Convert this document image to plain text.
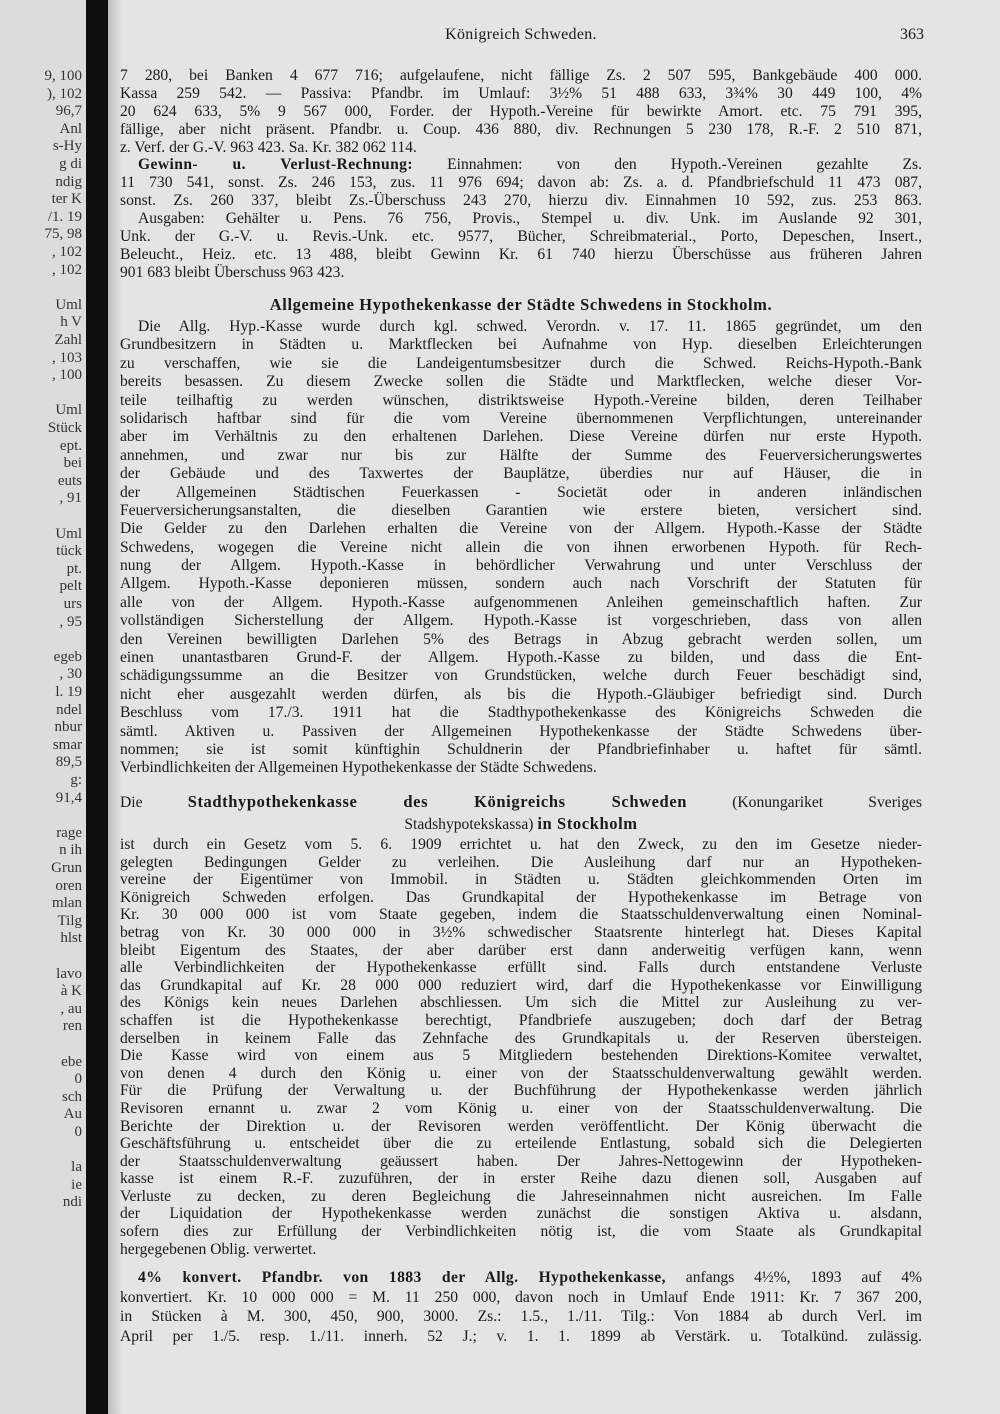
9, 100
), 102
96,7
Anl
s-Hy
g di
ndig
ter K
/1. 19
75, 98
, 102
, 102
Uml
h V
Zahl
, 103
, 100
Uml
Stück
ept.
bei
euts
, 91
Uml
tück
pt.
pelt
urs
, 95
egeb
, 30
l. 19
ndel
nbur
smar
89,5
g:
91,4
rage
n ih
Grun
oren
mlan
Tilg
hlst
lavo
à K
, au
ren
ebe
0
sch
Au
0
la
ie
ndi
Königreich Schweden.	363
7 280, bei Banken 4 677 716; aufgelaufene, nicht fällige Zs. 2 507 595, Bankgebäude 400 000.
Kassa 259 542. — Passiva: Pfandbr. im Umlauf: 3½% 51 488 633, 3¾% 30 449 100, 4%
20 624 633, 5% 9 567 000, Forder. der Hypoth.-Vereine für bewirkte Amort. etc. 75 791 395,
fällige, aber nicht präsent. Pfandbr. u. Coup. 436 880, div. Rechnungen 5 230 178, R.-F. 2 510 871,
z. Verf. der G.-V. 963 423. Sa. Kr. 382 062 114.
Gewinn- u. Verlust-Rechnung: Einnahmen: von den Hypoth.-Vereinen gezahlte Zs.
11 730 541, sonst. Zs. 246 153, zus. 11 976 694; davon ab: Zs. a. d. Pfandbriefschuld 11 473 087,
sonst. Zs. 260 337, bleibt Zs.-Überschuss 243 270, hierzu div. Einnahmen 10 592, zus. 253 863.
Ausgaben: Gehälter u. Pens. 76 756, Provis., Stempel u. div. Unk. im Auslande 92 301,
Unk. der G.-V. u. Revis.-Unk. etc. 9577, Bücher, Schreibmaterial., Porto, Depeschen, Insert.,
Beleucht., Heiz. etc. 13 488, bleibt Gewinn Kr. 61 740 hierzu Überschüsse aus früheren Jahren
901 683 bleibt Überschuss 963 423.
Allgemeine Hypothekenkasse der Städte Schwedens in Stockholm.
Die Allg. Hyp.-Kasse wurde durch kgl. schwed. Verordn. v. 17. 11. 1865 gegründet, um den
Grundbesitzern in Städten u. Marktflecken bei Aufnahme von Hyp. dieselben Erleichterungen
zu verschaffen, wie sie die Landeigentumsbesitzer durch die Schwed. Reichs-Hypoth.-Bank
bereits besassen. Zu diesem Zwecke sollen die Städte und Marktflecken, welche dieser Vor-
teile teilhaftig zu werden wünschen, distriktsweise Hypoth.-Vereine bilden, deren Teilhaber
solidarisch haftbar sind für die vom Vereine übernommenen Verpflichtungen, untereinander
aber im Verhältnis zu den erhaltenen Darlehen. Diese Vereine dürfen nur erste Hypoth.
annehmen, und zwar nur bis zur Hälfte der Summe des Feuerversicherungswertes
der Gebäude und des Taxwertes der Bauplätze, überdies nur auf Häuser, die in
der Allgemeinen Städtischen Feuerkassen - Societät oder in anderen inländischen
Feuerversicherungsanstalten, die dieselben Garantien wie erstere bieten, versichert sind.
Die Gelder zu den Darlehen erhalten die Vereine von der Allgem. Hypoth.-Kasse der Städte
Schwedens, wogegen die Vereine nicht allein die von ihnen erworbenen Hypoth. für Rech-
nung der Allgem. Hypoth.-Kasse in behördlicher Verwahrung und unter Verschluss der
Allgem. Hypoth.-Kasse deponieren müssen, sondern auch nach Vorschrift der Statuten für
alle von der Allgem. Hypoth.-Kasse aufgenommenen Anleihen gemeinschaftlich haften. Zur
vollständigen Sicherstellung der Allgem. Hypoth.-Kasse ist vorgeschrieben, dass von allen
den Vereinen bewilligten Darlehen 5% des Betrags in Abzug gebracht werden sollen, um
einen unantastbaren Grund-F. der Allgem. Hypoth.-Kasse zu bilden, und dass die Ent-
schädigungssumme an die Besitzer von Grundstücken, welche durch Feuer beschädigt sind,
nicht eher ausgezahlt werden dürfen, als bis die Hypoth.-Gläubiger befriedigt sind. Durch
Beschluss vom 17./3. 1911 hat die Stadthypothekenkasse des Königreichs Schweden die
sämtl. Aktiven u. Passiven der Allgemeinen Hypothekenkasse der Städte Schwedens über-
nommen; sie ist somit künftighin Schuldnerin der Pfandbriefinhaber u. haftet für sämtl.
Verbindlichkeiten der Allgemeinen Hypothekenkasse der Städte Schwedens.
Die	Stadthypothekenkasse des Königreichs Schweden	(Konungariket Sveriges
Stadshypotekskassa) in Stockholm
ist durch ein Gesetz vom 5. 6. 1909 errichtet u. hat den Zweck, zu den im Gesetze nieder-
gelegten Bedingungen Gelder zu verleihen. Die Ausleihung darf nur an Hypotheken-
vereine der Eigentümer von Immobil. in Städten u. Städten gleichkommenden Orten im
Königreich Schweden erfolgen. Das Grundkapital der Hypothekenkasse im Betrage von
Kr. 30 000 000 ist vom Staate gegeben, indem die Staatsschuldenverwaltung einen Nominal-
betrag von Kr. 30 000 000 in 3½% schwedischer Staatsrente hinterlegt hat. Dieses Kapital
bleibt Eigentum des Staates, der aber darüber erst dann anderweitig verfügen kann, wenn
alle Verbindlichkeiten der Hypothekenkasse erfüllt sind. Falls durch entstandene Verluste
das Grundkapital auf Kr. 28 000 000 reduziert wird, darf die Hypothekenkasse vor Einwilligung
des Königs kein neues Darlehen abschliessen. Um sich die Mittel zur Ausleihung zu ver-
schaffen ist die Hypothekenkasse berechtigt, Pfandbriefe auszugeben; doch darf der Betrag
derselben in keinem Falle das Zehnfache des Grundkapitals u. der Reserven übersteigen.
Die Kasse wird von einem aus 5 Mitgliedern bestehenden Direktions-Komitee verwaltet,
von denen 4 durch den König u. einer von der Staatsschuldenverwaltung gewählt werden.
Für die Prüfung der Verwaltung u. der Buchführung der Hypothekenkasse werden jährlich
Revisoren ernannt u. zwar 2 vom König u. einer von der Staatsschuldenverwaltung. Die
Berichte der Direktion u. der Revisoren werden veröffentlicht. Der König überwacht die
Geschäftsführung u. entscheidet über die zu erteilende Entlastung, sobald sich die Delegierten
der Staatsschuldenverwaltung geäussert haben. Der Jahres-Nettogewinn der Hypotheken-
kasse ist einem R.-F. zuzuführen, der in erster Reihe dazu dienen soll, Ausgaben auf
Verluste zu decken, zu deren Begleichung die Jahreseinnahmen nicht ausreichen. Im Falle
der Liquidation der Hypothekenkasse werden zunächst die sonstigen Aktiva u. alsdann,
sofern dies zur Erfüllung der Verbindlichkeiten nötig ist, die vom Staate als Grundkapital
hergegebenen Oblig. verwertet.
4% konvert. Pfandbr. von 1883 der Allg. Hypothekenkasse, anfangs 4½%, 1893 auf 4%
konvertiert. Kr. 10 000 000 = M. 11 250 000, davon noch in Umlauf Ende 1911: Kr. 7 367 200,
in Stücken à M. 300, 450, 900, 3000. Zs.: 1.5., 1./11. Tilg.: Von 1884 ab durch Verl. im
April per 1./5. resp. 1./11. innerh. 52 J.; v. 1. 1. 1899 ab Verstärk. u. Totalkünd. zulässig.
